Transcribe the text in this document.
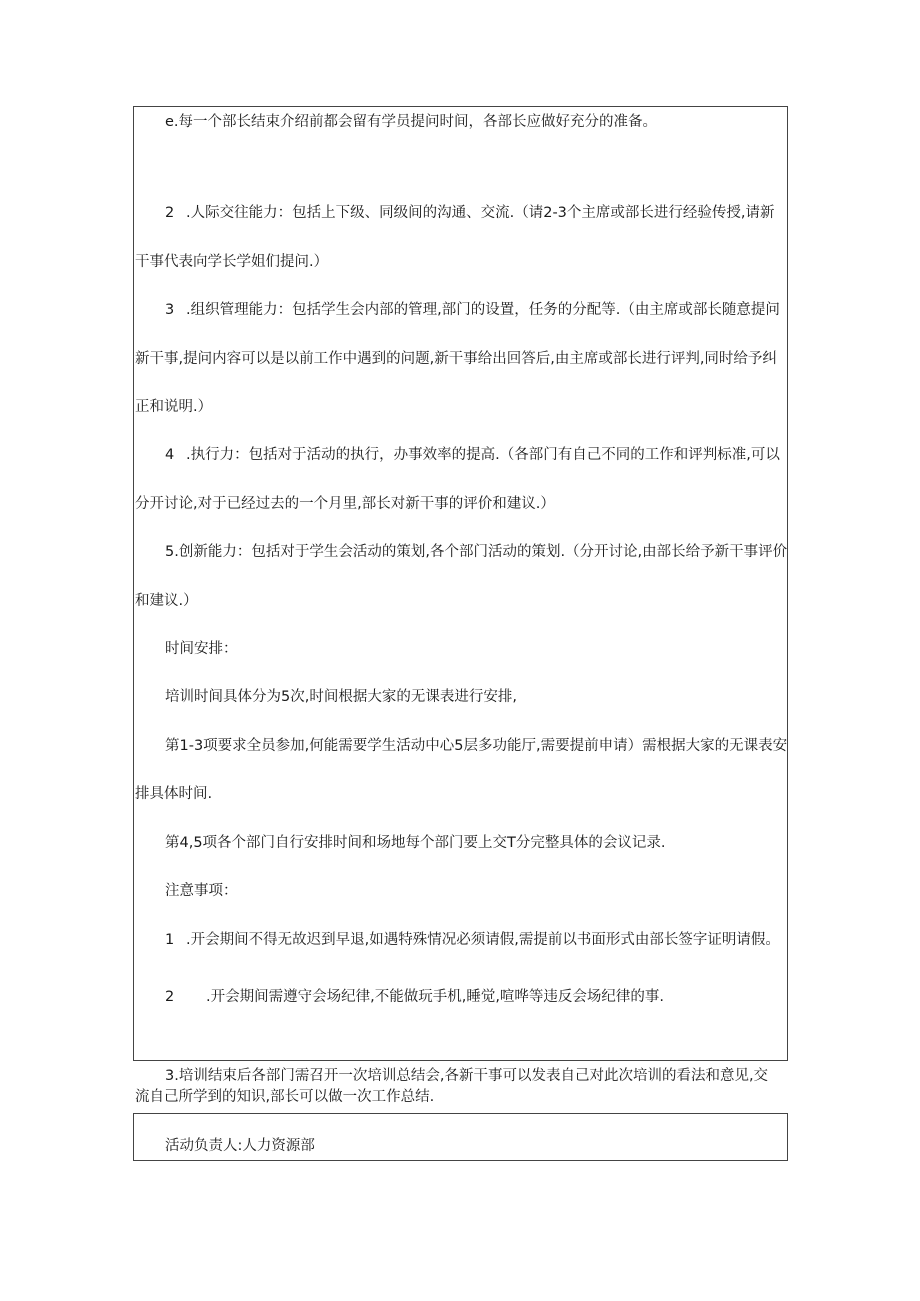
e.每一个部长结束介绍前都会留有学员提问时间，各部长应做好充分的准备。
2 .人际交往能力：包括上下级、同级间的沟通、交流.（请2-3个主席或部长进行经验传授,请新
干事代表向学长学姐们提问.）
3 .组织管理能力：包括学生会内部的管理,部门的设置，任务的分配等.（由主席或部长随意提问
新干事,提问内容可以是以前工作中遇到的问题,新干事给出回答后,由主席或部长进行评判,同时给予纠
正和说明.）
4 .执行力：包括对于活动的执行，办事效率的提高.（各部门有自己不同的工作和评判标准,可以
分开讨论,对于已经过去的一个月里,部长对新干事的评价和建议.）
5.创新能力：包括对于学生会活动的策划,各个部门活动的策划.（分开讨论,由部长给予新干事评价
和建议.）
时间安排：
培训时间具体分为5次,时间根据大家的无课表进行安排,
第1-3项要求全员参加,何能需要学生活动中心5层多功能厅,需要提前申请）需根据大家的无课表安
排具体时间.
第4,5项各个部门自行安排时间和场地每个部门要上交T分完整具体的会议记录.
注意事项：
1 .开会期间不得无故迟到早退,如遇特殊情况必须请假,需提前以书面形式由部长签字证明请假。
2 .开会期间需遵守会场纪律,不能做玩手机,睡觉,喧哗等违反会场纪律的事.
3.培训结束后各部门需召开一次培训总结会,各新干事可以发表自己对此次培训的看法和意见,交
流自己所学到的知识,部长可以做一次工作总结.
活动负责人:人力资源部
